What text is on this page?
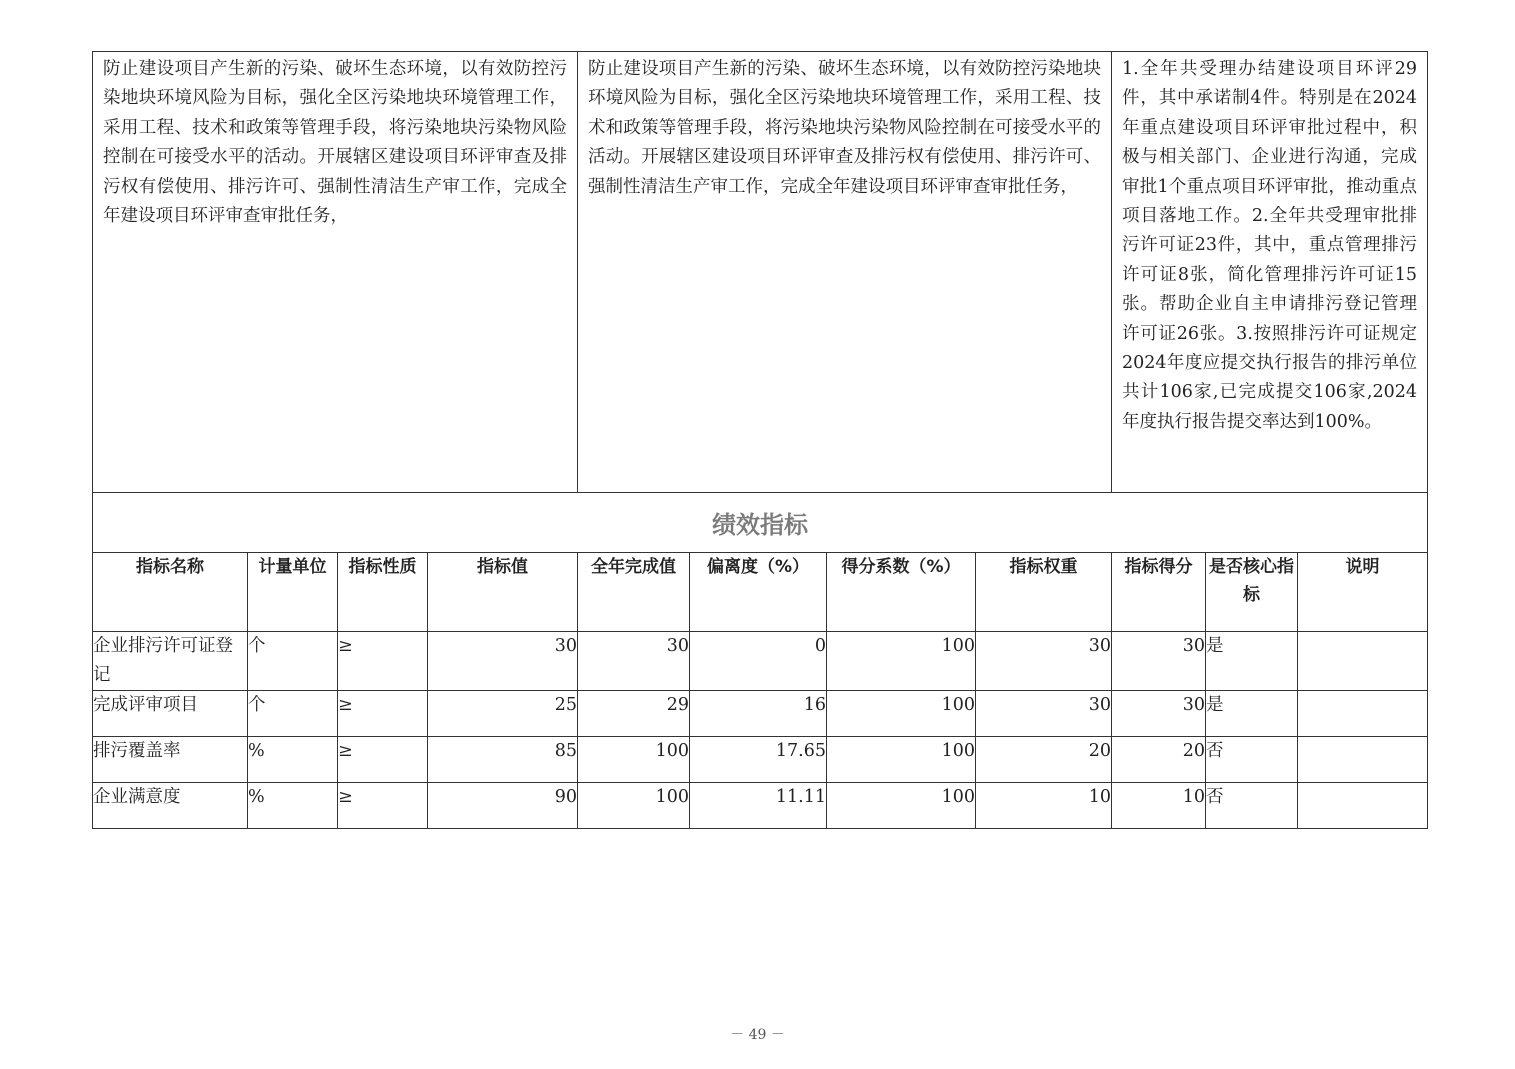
防止建设项目产生新的污染、破坏生态环境，以有效防控污染地块环境风险为目标，强化全区污染地块环境管理工作，采用工程、技术和政策等管理手段，将污染地块污染物风险控制在可接受水平的活动。开展辖区建设项目环评审查及排污权有偿使用、排污许可、强制性清洁生产审工作，完成全年建设项目环评审查审批任务，				防止建设项目产生新的污染、破坏生态环境，以有效防控污染地块环境风险为目标，强化全区污染地块环境管理工作，采用工程、技术和政策等管理手段，将污染地块污染物风险控制在可接受水平的活动。开展辖区建设项目环评审查及排污权有偿使用、排污许可、强制性清洁生产审工作，完成全年建设项目环评审查审批任务，				1.全年共受理办结建设项目环评29件，其中承诺制4件。特别是在2024年重点建设项目环评审批过程中，积极与相关部门、企业进行沟通，完成审批1个重点项目环评审批，推动重点项目落地工作。2.全年共受理审批排污许可证23件，其中，重点管理排污许可证8张，简化管理排污许可证15张。帮助企业自主申请排污登记管理许可证26张。3.按照排污许可证规定2024年度应提交执行报告的排污单位共计106家,已完成提交106家,2024年度执行报告提交率达到100%。		
绩效指标										
指标名称	计量单位	指标性质	指标值	全年完成值	偏离度（%）	得分系数（%）	指标权重	指标得分	是否核心指标	说明
企业排污许可证登记	个	≥	30	30	0	100	30	30	是	
完成评审项目	个	≥	25	29	16	100	30	30	是	
排污覆盖率	%	≥	85	100	17.65	100	20	20	否	
企业满意度	%	≥	90	100	11.11	100	10	10	否	
－ 49 －
